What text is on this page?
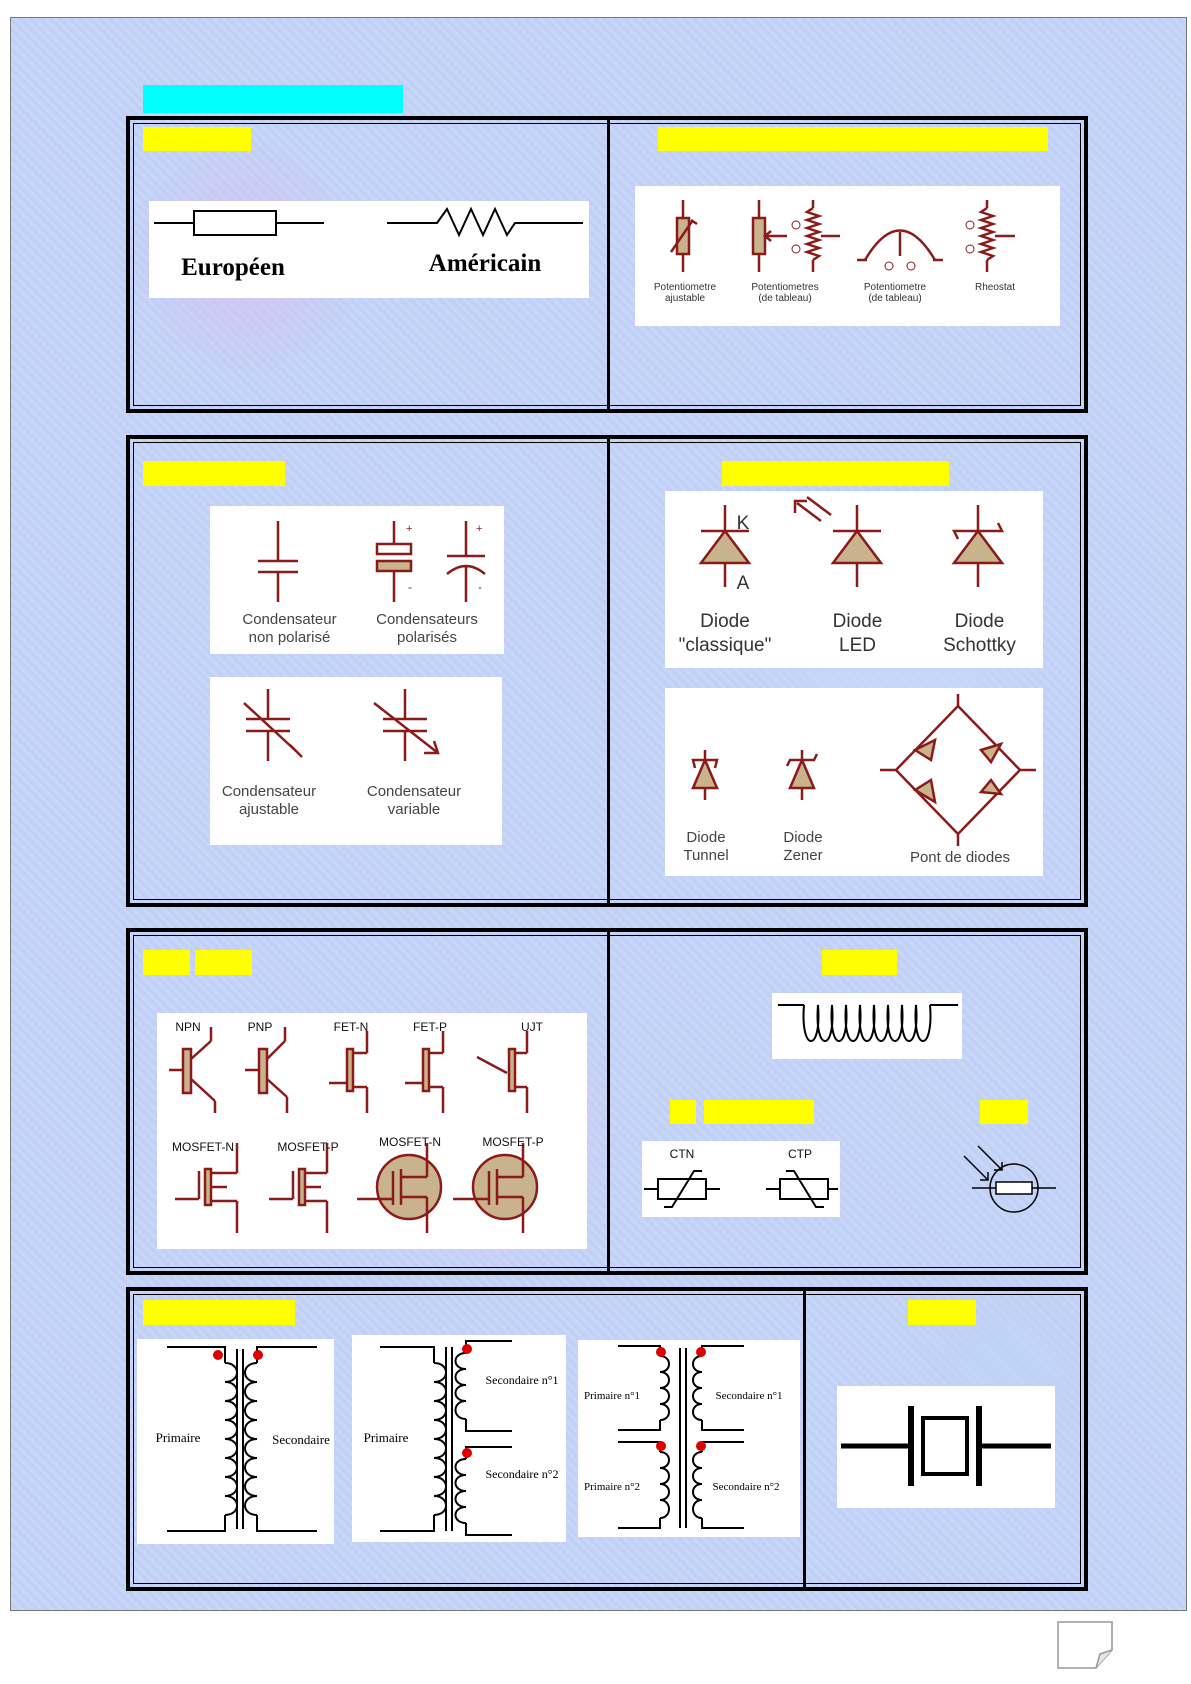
Européen	Américain
Potentiometre
ajustable
Potentiometres
(de tableau)
Potentiometre
(de tableau)
Rheostat
+
-
+
-
Condensateur
non polarisé
Condensateurs
polarisés
Condensateur
ajustable
Condensateur
variable
K
A
Diode
"classique"
Diode
LED
Diode
Schottky
Diode
Tunnel
Diode
Zener	Pont de diodes
NPN	PNP	FET-N	FET-P	UJT
MOSFET-N	MOSFET-P	MOSFET-N	MOSFET-P
CTN	CTP
Primaire	Secondaire	Primaire
Secondaire n°1
Secondaire n°2
Primaire n°1
Primaire n°2
Secondaire n°1
Secondaire n°2
